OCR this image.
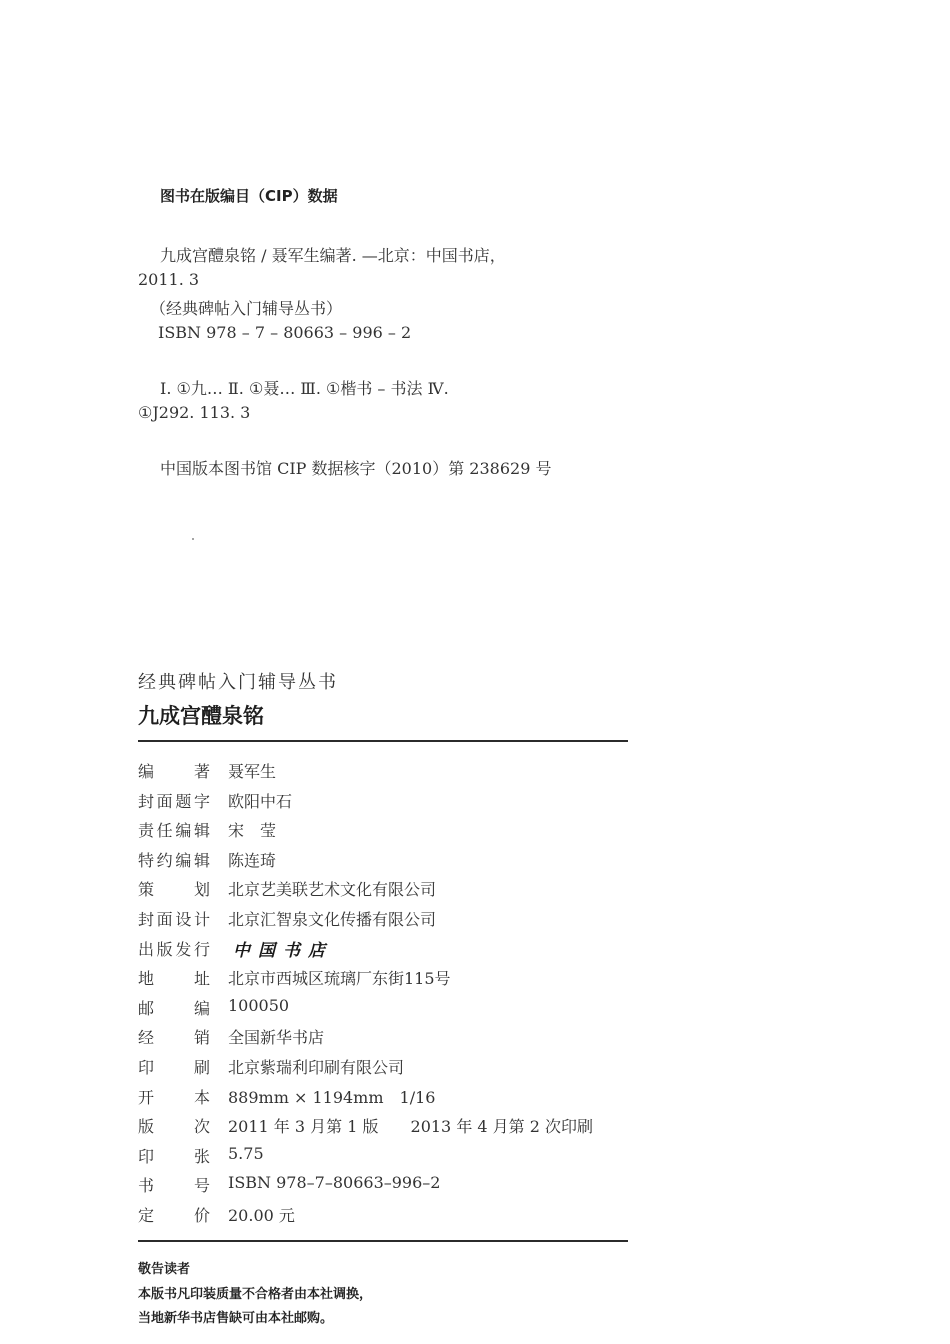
图书在版编目（CIP）数据
九成宫醴泉铭 / 聂军生编著. —北京：中国书店，
2011. 3
（经典碑帖入门辅导丛书）
ISBN 978 – 7 – 80663 – 996 – 2
Ⅰ. ①九… Ⅱ. ①聂… Ⅲ. ①楷书 – 书法 Ⅳ.
①J292. 113. 3
中国版本图书馆 CIP 数据核字（2010）第 238629 号
经典碑帖入门辅导丛书
九成宫醴泉铭
编 著 聂军生
封 面 题 字 欧阳中石
责 任 编 辑 宋　莹
特 约 编 辑 陈连琦
策 划 北京艺美联艺术文化有限公司
封 面 设 计 北京汇智泉文化传播有限公司
出 版 发 行 中国书店
地 址 北京市西城区琉璃厂东街115号
邮 编 100050
经 销 全国新华书店
印 刷 北京紫瑞利印刷有限公司
开 本 889mm × 1194mm　1/16
版 次 2011 年 3 月第 1 版　　2013 年 4 月第 2 次印刷
印 张 5.75
书 号 ISBN 978–7–80663–996–2
定 价 20.00 元
敬告读者
本版书凡印装质量不合格者由本社调换，
当地新华书店售缺可由本社邮购。
